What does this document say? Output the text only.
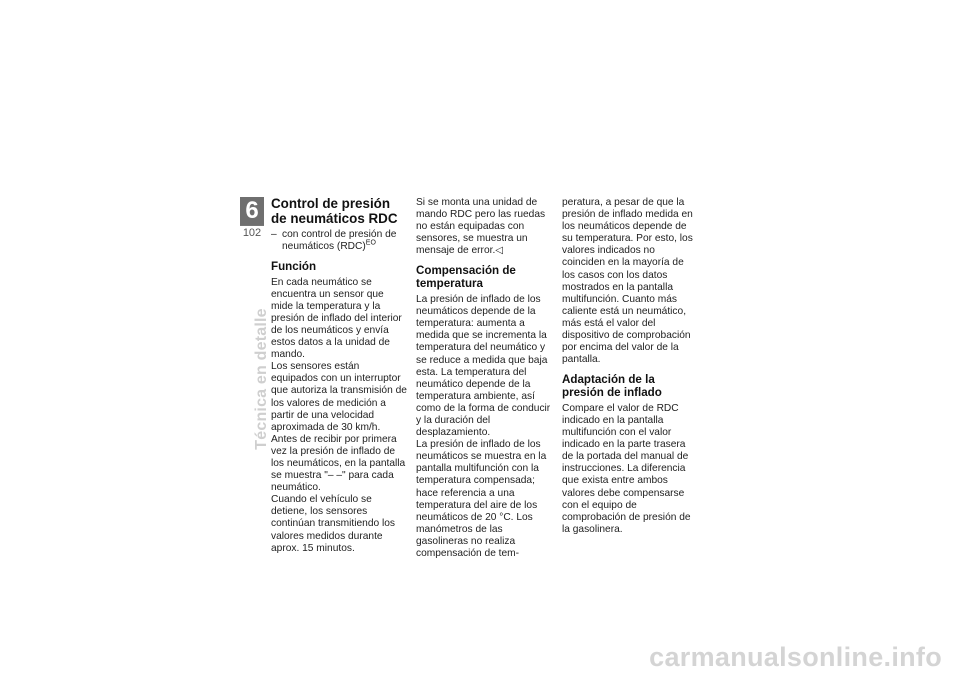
6
102
Técnica en detalle
Control de presión de neumáticos RDC
– con control de presión de neumáticos (RDC)$^{EO}$
Función

En cada neumático se encuentra un sensor que mide la temperatura y la presión de inflado del interior de los neumáticos y envía estos datos a la unidad de mando.

Los sensores están equipados con un interruptor que autoriza la transmisión de los valores de medición a partir de una velocidad aproximada de 30 km/h. Antes de recibir por primera vez la presión de inflado de los neumáticos, en la pantalla se muestra "– –" para cada neumático.

Cuando el vehículo se detiene, los sensores continúan transmitiendo los valores medidos durante aprox. 15 minutos.

Si se monta una unidad de mando RDC pero las ruedas no están equipadas con sensores, se muestra un mensaje de error.◁

Compensación de temperatura

La presión de inflado de los neumáticos depende de la temperatura: aumenta a medida que se incrementa la temperatura del neumático y se reduce a medida que baja esta. La temperatura del neumático depende de la temperatura ambiente, así como de la forma de conducir y la duración del desplazamiento.

La presión de inflado de los neumáticos se muestra en la pantalla multifunción con la temperatura compensada; hace referencia a una temperatura del aire de los neumáticos de 20 °C. Los manómetros de las gasolineras no realiza compensación de tem-

peratura, a pesar de que la presión de inflado medida en los neumáticos depende de su temperatura. Por esto, los valores indicados no coinciden en la mayoría de los casos con los datos mostrados en la pantalla multifunción. Cuanto más caliente está un neumático, más está el valor del dispositivo de comprobación por encima del valor de la pantalla.

Adaptación de la presión de inflado

Compare el valor de RDC indicado en la pantalla multifunción con el valor indicado en la parte trasera de la portada del manual de instrucciones. La diferencia que exista entre ambos valores debe compensarse con el equipo de comprobación de presión de la gasolinera.

carmanualsonline.info
